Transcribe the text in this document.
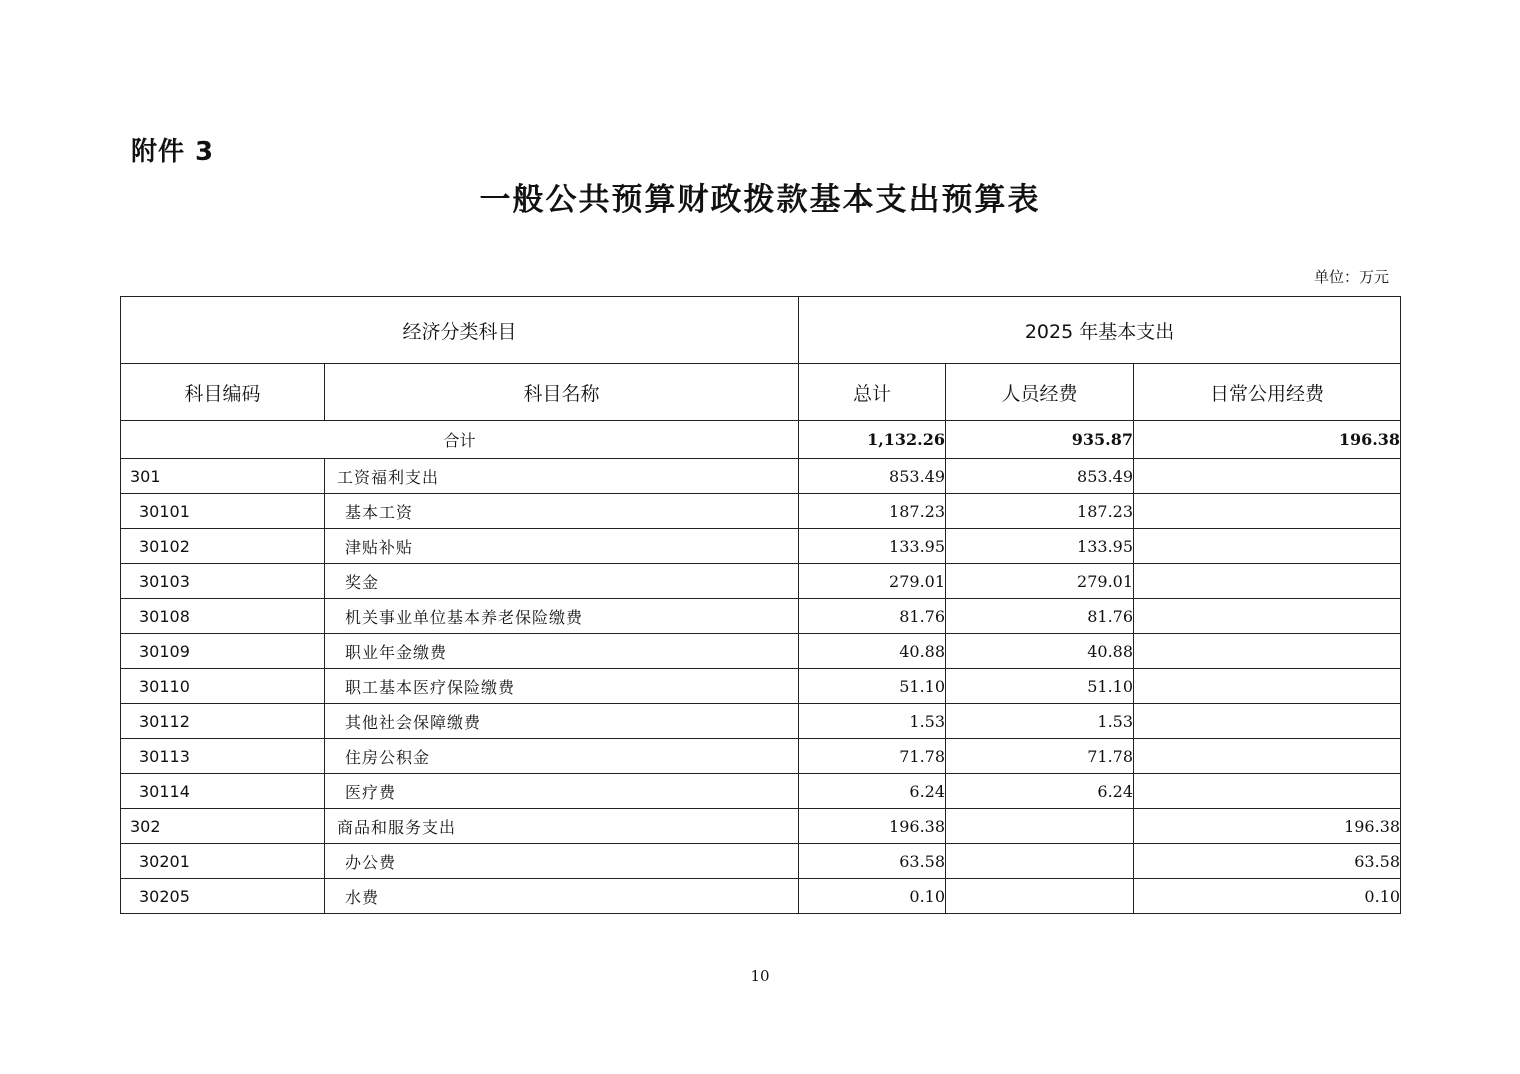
附件 3
一般公共预算财政拨款基本支出预算表
单位：万元
经济分类科目		2025 年基本支出		
科目编码	科目名称	总计	人员经费	日常公用经费
合计		1,132.26	935.87	196.38
301	工资福利支出	853.49	853.49	
30101	基本工资	187.23	187.23	
30102	津贴补贴	133.95	133.95	
30103	奖金	279.01	279.01	
30108	机关事业单位基本养老保险缴费	81.76	81.76	
30109	职业年金缴费	40.88	40.88	
30110	职工基本医疗保险缴费	51.10	51.10	
30112	其他社会保障缴费	1.53	1.53	
30113	住房公积金	71.78	71.78	
30114	医疗费	6.24	6.24	
302	商品和服务支出	196.38		196.38
30201	办公费	63.58		63.58
30205	水费	0.10		0.10
10
